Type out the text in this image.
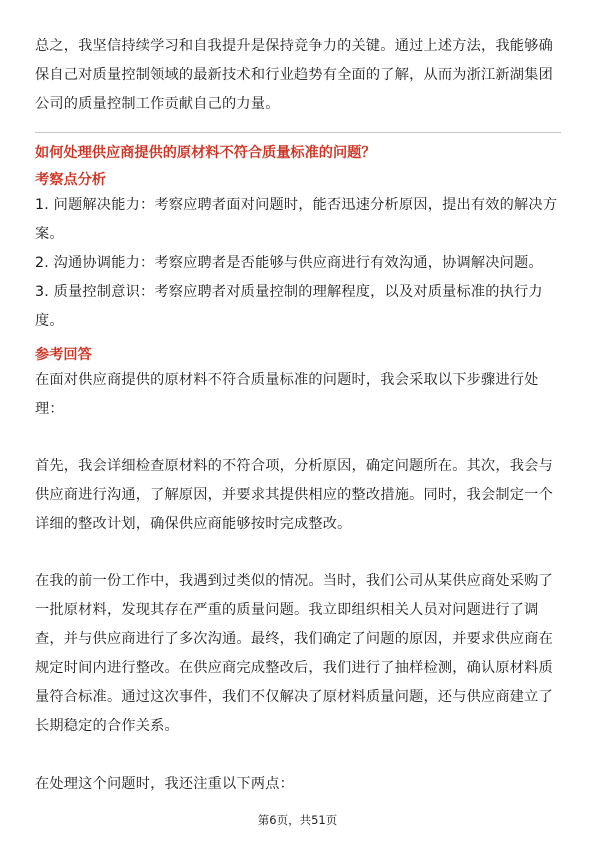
总之，我坚信持续学习和自我提升是保持竞争力的关键。通过上述方法，我能够确保自己对质量控制领域的最新技术和行业趋势有全面的了解，从而为浙江新湖集团公司的质量控制工作贡献自己的力量。

如何处理供应商提供的原材料不符合质量标准的问题？

考察点分析

1. 问题解决能力：考察应聘者面对问题时，能否迅速分析原因，提出有效的解决方案。

2. 沟通协调能力：考察应聘者是否能够与供应商进行有效沟通，协调解决问题。

3. 质量控制意识：考察应聘者对质量控制的理解程度，以及对质量标准的执行力度。

参考回答

在面对供应商提供的原材料不符合质量标准的问题时，我会采取以下步骤进行处理：

首先，我会详细检查原材料的不符合项，分析原因，确定问题所在。其次，我会与供应商进行沟通，了解原因，并要求其提供相应的整改措施。同时，我会制定一个详细的整改计划，确保供应商能够按时完成整改。

在我的前一份工作中，我遇到过类似的情况。当时，我们公司从某供应商处采购了一批原材料，发现其存在严重的质量问题。我立即组织相关人员对问题进行了调查，并与供应商进行了多次沟通。最终，我们确定了问题的原因，并要求供应商在规定时间内进行整改。在供应商完成整改后，我们进行了抽样检测，确认原材料质量符合标准。通过这次事件，我们不仅解决了原材料质量问题，还与供应商建立了长期稳定的合作关系。

在处理这个问题时，我还注重以下两点：

第6页，共51页
